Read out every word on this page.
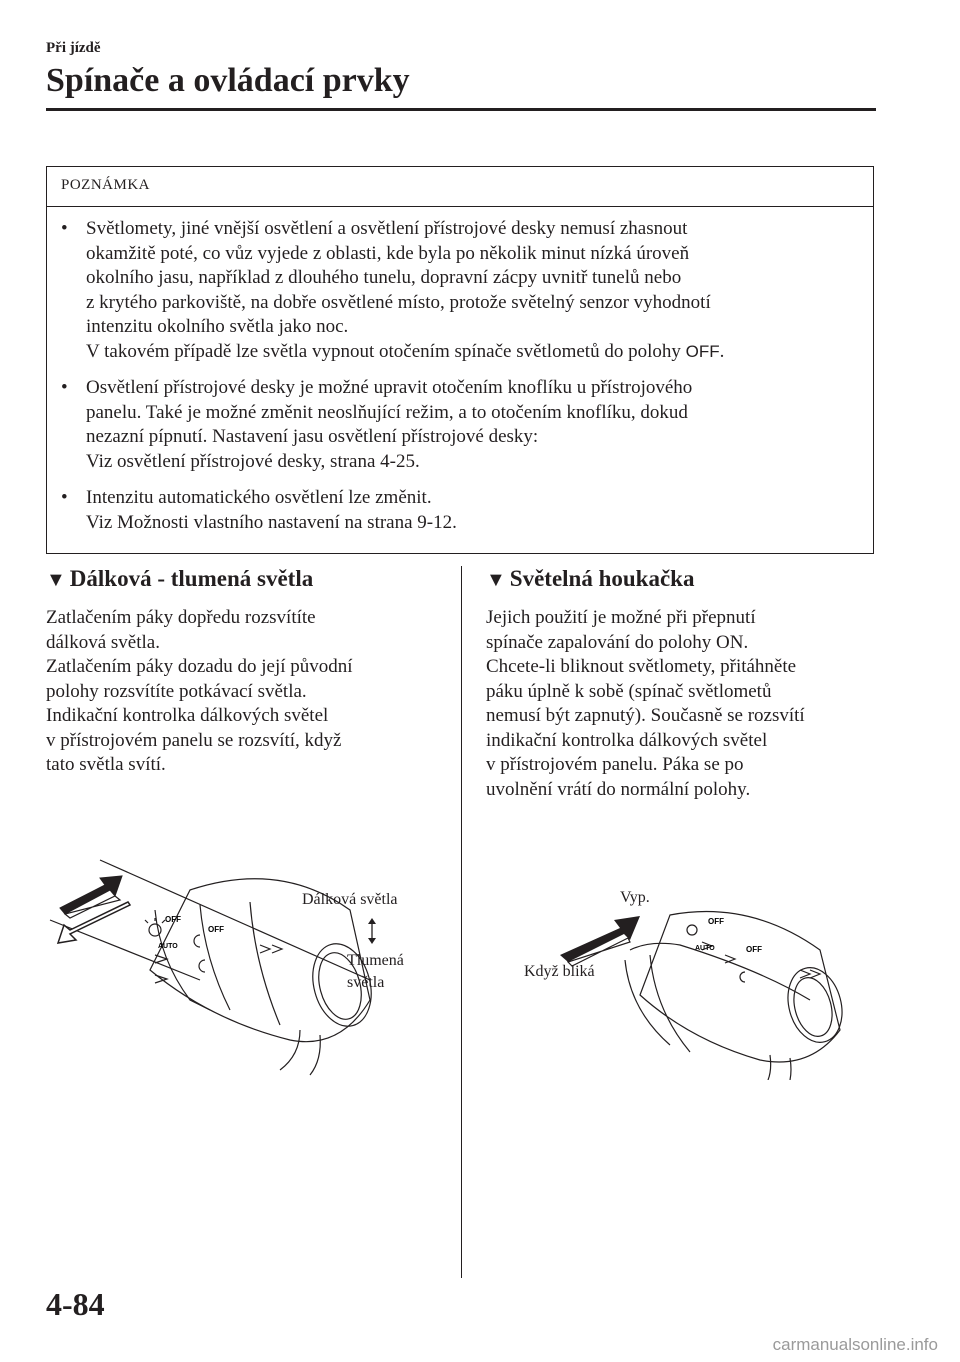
Při jízdě
Spínače a ovládací prvky
POZNÁMKA
• Světlomety, jiné vnější osvětlení a osvětlení přístrojové desky nemusí zhasnout
okamžitě poté, co vůz vyjede z oblasti, kde byla po několik minut nízká úroveň
okolního jasu, například z dlouhého tunelu, dopravní zácpy uvnitř tunelů nebo
z krytého parkoviště, na dobře osvětlené místo, protože světelný senzor vyhodnotí
intenzitu okolního světla jako noc.
V takovém případě lze světla vypnout otočením spínače světlometů do polohy OFF.
• Osvětlení přístrojové desky je možné upravit otočením knoflíku u přístrojového
panelu. Také je možné změnit neoslňující režim, a to otočením knoflíku, dokud
nezazní pípnutí. Nastavení jasu osvětlení přístrojové desky:
Viz osvětlení přístrojové desky, strana 4-25.
• Intenzitu automatického osvětlení lze změnit.
Viz Možnosti vlastního nastavení na strana 9-12.
▼ Dálková - tlumená světla

Zatlačením páky dopředu rozsvítíte
dálková světla.
Zatlačením páky dozadu do její původní
polohy rozsvítíte potkávací světla.
Indikační kontrolka dálkových světel
v přístrojovém panelu se rozsvítí, když
tato světla svítí.

▼ Světelná houkačka

Jejich použití je možné při přepnutí
spínače zapalování do polohy ON.
Chcete-li bliknout světlomety, přitáhněte
páku úplně k sobě (spínač světlometů
nemusí být zapnutý). Současně se rozsvítí
indikační kontrolka dálkových světel
v přístrojovém panelu. Páka se po
uvolnění vrátí do normální polohy.

OFF
OFF
AUTO
Dálková světla
Tlumená
světla
OFF
OFF
AUTO
Vyp.
Když bliká
4-84
carmanualsonline.info
